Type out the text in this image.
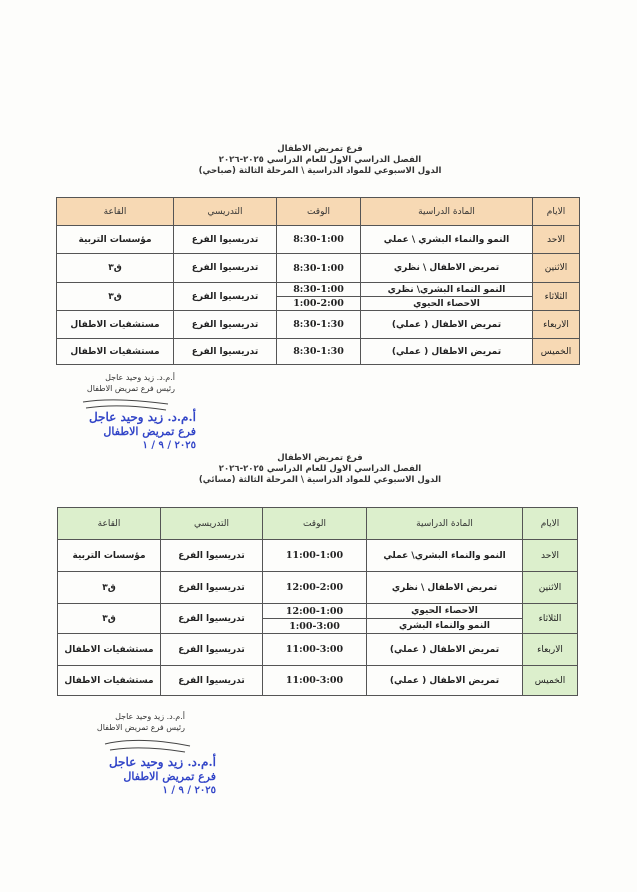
فرع تمريض الاطفال
الفصل الدراسي الاول للعام الدراسي ٢٠٢٥-٢٠٢٦
الدول الاسبوعي للمواد الدراسية \ المرحلة الثالثة (صباحي)
الايام	المادة الدراسية	الوقت	التدريسي	القاعة
الاحد	النمو والنماء البشري \ عملي	8:30-1:00	تدريسيوا الفرع	مؤسسات التربية
الاثنين	تمريض الاطفال \ نظري	8:30-1:00	تدريسيوا الفرع	ق٣
الثلاثاء	النمو النماء البشري\ نظري	8:30-1:00	تدريسيوا الفرع	ق٣
	الاحصاء الحيوي	1:00-2:00		
الاربعاء	تمريض الاطفال ( عملي)	8:30-1:30	تدريسيوا الفرع	مستشفيات الاطفال
الخميس	تمريض الاطفال ( عملي)	8:30-1:30	تدريسيوا الفرع	مستشفيات الاطفال
أ.م.د. زيد وحيد عاجل
رئيس فرع تمريض الاطفال
أ.م.د. زيد وحيد عاجل
فرع تمريض الاطفال
٢٠٢٥ / ٩ / ١
فرع تمريض الاطفال
الفصل الدراسي الاول للعام الدراسي ٢٠٢٥-٢٠٢٦
الدول الاسبوعي للمواد الدراسية \ المرحلة الثالثة (مسائي)
الايام	المادة الدراسية	الوقت	التدريسي	القاعة
الاحد	النمو والنماء البشري\ عملي	11:00-1:00	تدريسيوا الفرع	مؤسسات التربية
الاثنين	تمريض الاطفال \ نظري	12:00-2:00	تدريسيوا الفرع	ق٣
الثلاثاء	الاحصاء الحيوي	12:00-1:00	تدريسيوا الفرع	ق٣
	النمو والنماء البشري	1:00-3:00		
الاربعاء	تمريض الاطفال ( عملي)	11:00-3:00	تدريسيوا الفرع	مستشفيات الاطفال
الخميس	تمريض الاطفال ( عملي)	11:00-3:00	تدريسيوا الفرع	مستشفيات الاطفال
أ.م.د. زيد وحيد عاجل
رئيس فرع تمريض الاطفال
أ.م.د. زيد وحيد عاجل
فرع تمريض الاطفال
٢٠٢٥ / ٩ / ١
